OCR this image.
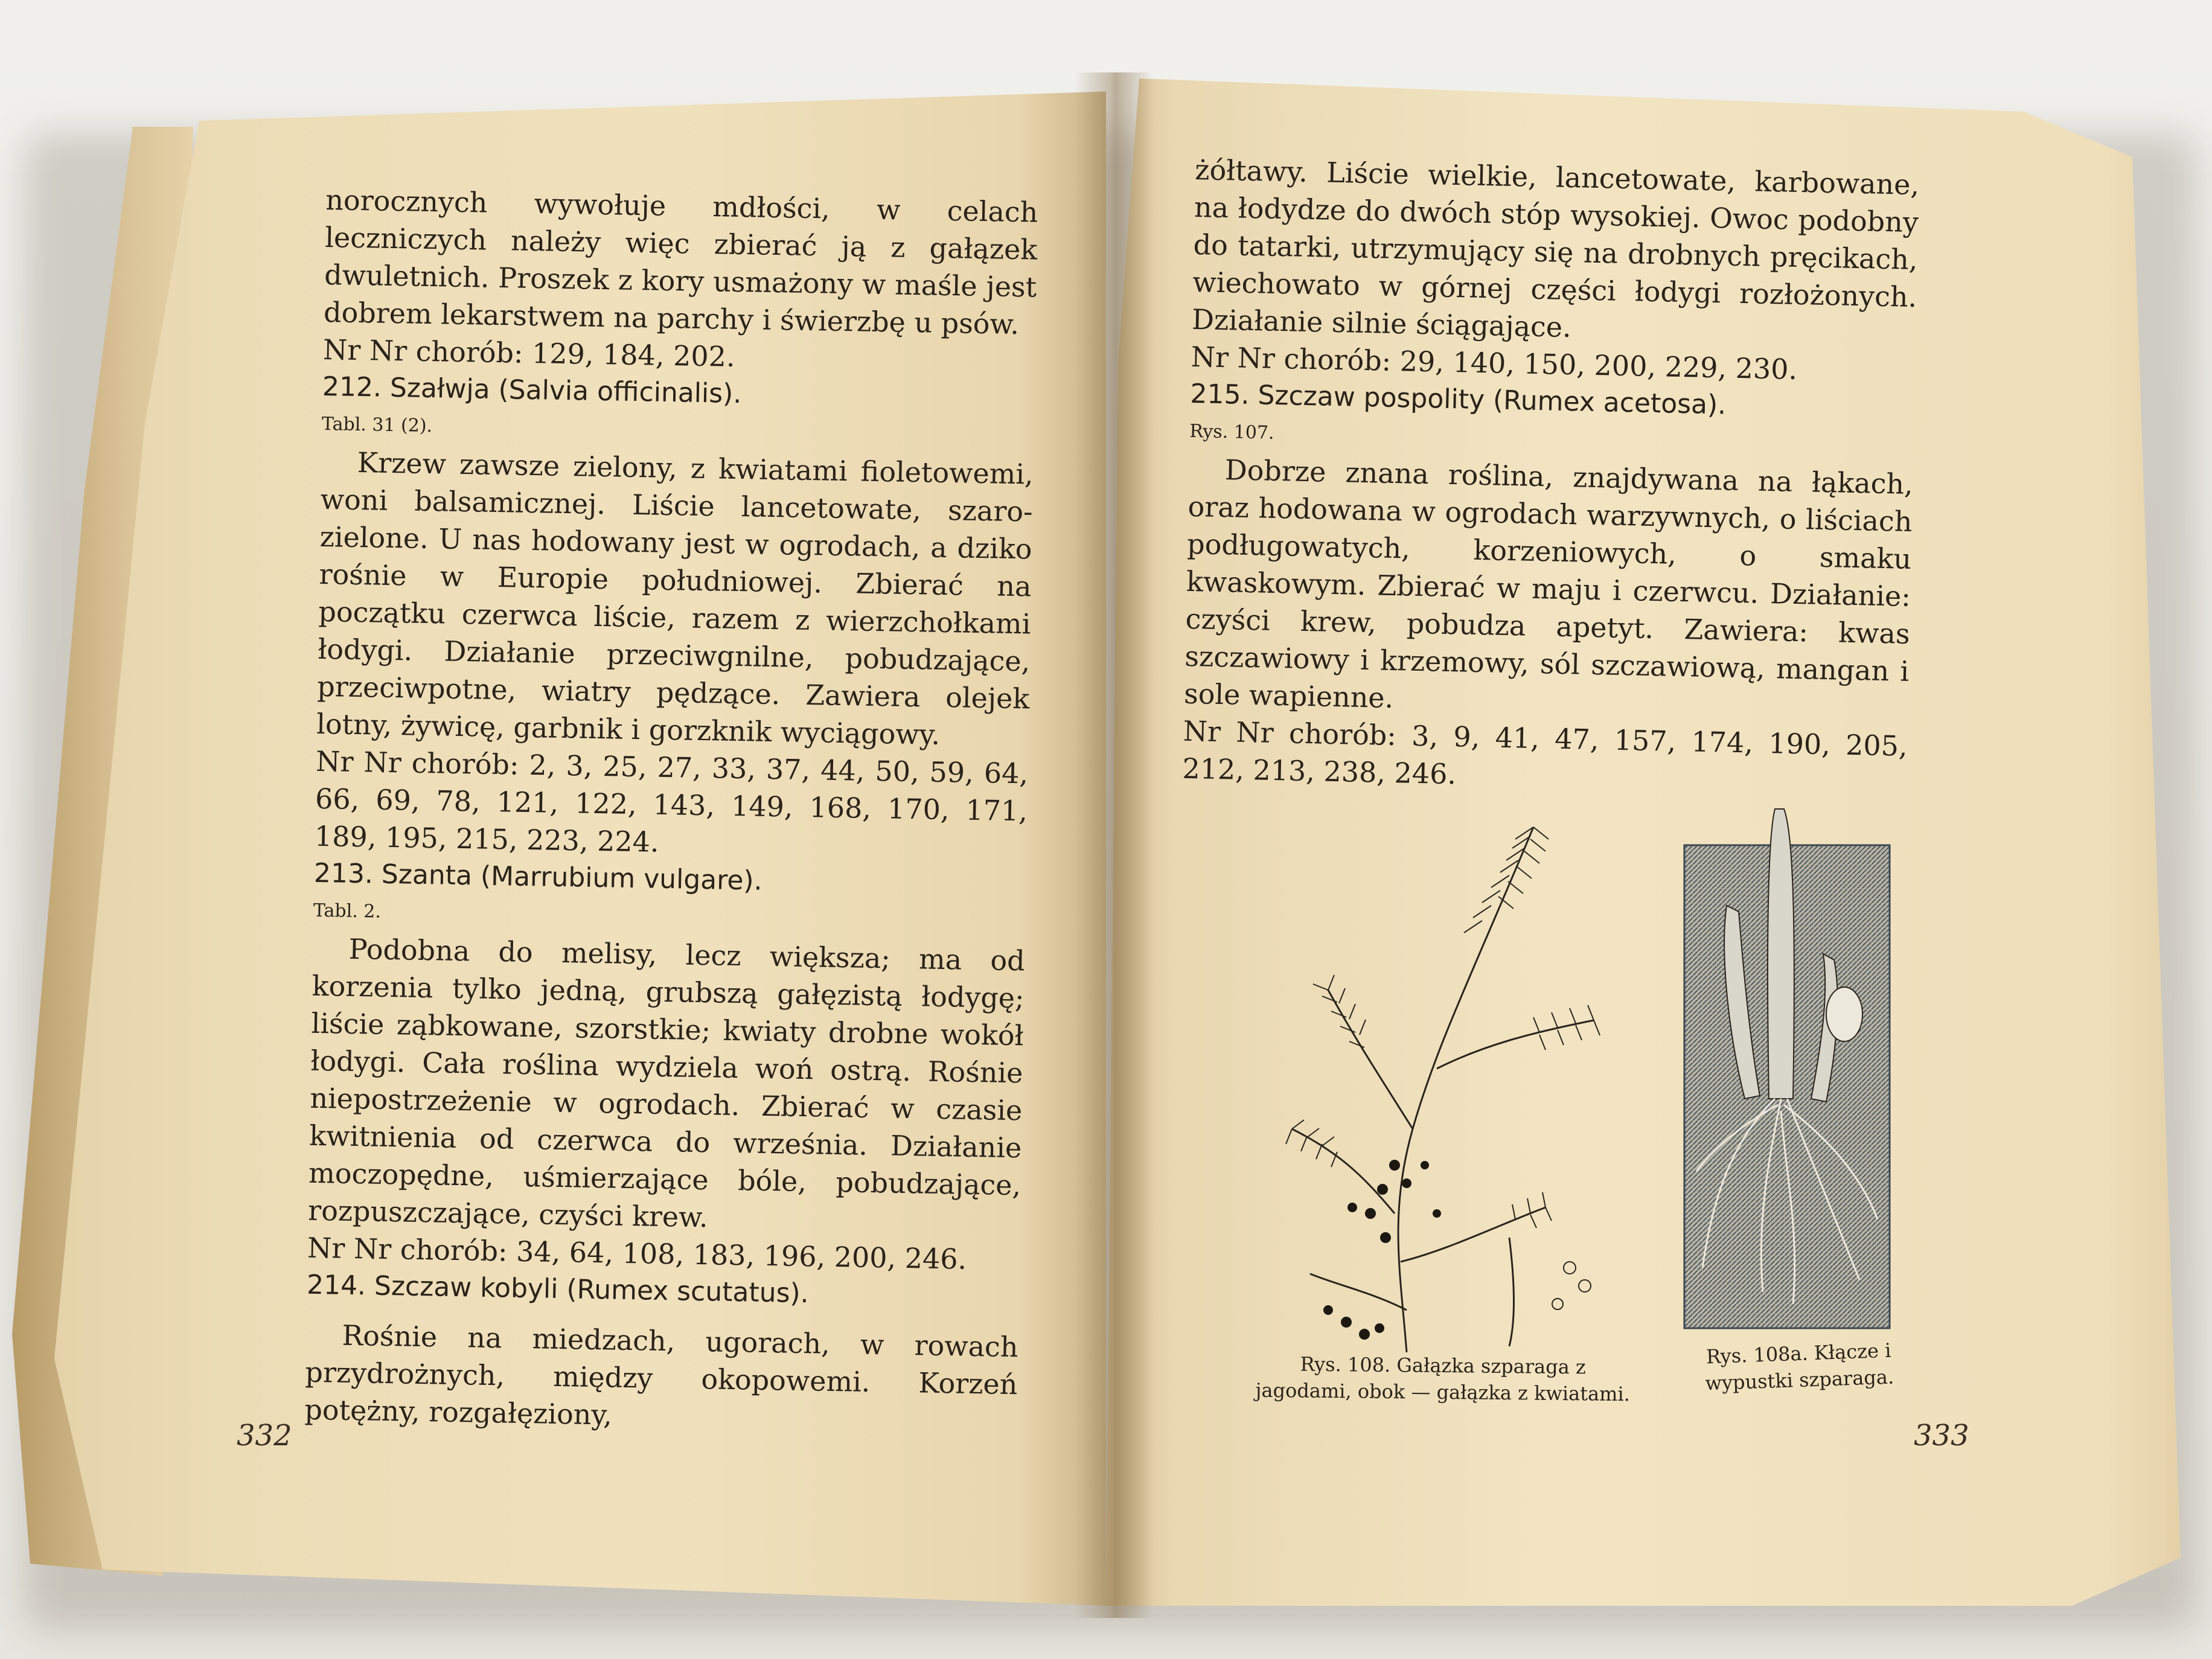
norocznych wywołuje mdłości, w celach leczniczych należy więc zbierać ją z gałązek dwuletnich. Proszek z kory usmażony w maśle jest dobrem lekarstwem na parchy i świerzbę u psów.

Nr Nr chorób: 129, 184, 202.

212. Szałwja (Salvia officinalis).

Tabl. 31 (2).

Krzew zawsze zielony, z kwiatami fioletowemi, woni balsamicznej. Liście lancetowate, szaro-zielone. U nas hodowany jest w ogrodach, a dziko rośnie w Europie południowej. Zbierać na początku czerwca liście, razem z wierzchołkami łodygi. Działanie przeciwgnilne, pobudzające, przeciwpotne, wiatry pędzące. Zawiera olejek lotny, żywicę, garbnik i gorzknik wyciągowy.

Nr Nr chorób: 2, 3, 25, 27, 33, 37, 44, 50, 59, 64, 66, 69, 78, 121, 122, 143, 149, 168, 170, 171, 189, 195, 215, 223, 224.

213. Szanta (Marrubium vulgare).

Tabl. 2.

Podobna do melisy, lecz większa; ma od korzenia tylko jedną, grubszą gałęzistą łodygę; liście ząbkowane, szorstkie; kwiaty drobne wokół łodygi. Cała roślina wydziela woń ostrą. Rośnie niepostrzeżenie w ogrodach. Zbierać w czasie kwitnienia od czerwca do września. Działanie moczopędne, uśmierzające bóle, pobudzające, rozpuszczające, czyści krew.

Nr Nr chorób: 34, 64, 108, 183, 196, 200, 246.

214. Szczaw kobyli (Rumex scutatus).

Rośnie na miedzach, ugorach, w rowach przydrożnych, między okopowemi. Korzeń potężny, rozgałęziony,

332

żółtawy. Liście wielkie, lancetowate, karbowane, na łodydze do dwóch stóp wysokiej. Owoc podobny do tatarki, utrzymujący się na drobnych pręcikach, wiechowato w górnej części łodygi rozłożonych. Działanie silnie ściągające.

Nr Nr chorób: 29, 140, 150, 200, 229, 230.

215. Szczaw pospolity (Rumex acetosa).

Rys. 107.

Dobrze znana roślina, znajdywana na łąkach, oraz hodowana w ogrodach warzywnych, o liściach podługowatych, korzeniowych, o smaku kwaskowym. Zbierać w maju i czerwcu. Działanie: czyści krew, pobudza apetyt. Zawiera: kwas szczawiowy i krzemowy, sól szczawiową, mangan i sole wapienne.

Nr Nr chorób: 3, 9, 41, 47, 157, 174, 190, 205, 212, 213, 238, 246.

Rys. 108. Gałązka szparaga z jagodami, obok — gałązka z kwiatami.
Rys. 108a. Kłącze i wypustki szparaga.
333
